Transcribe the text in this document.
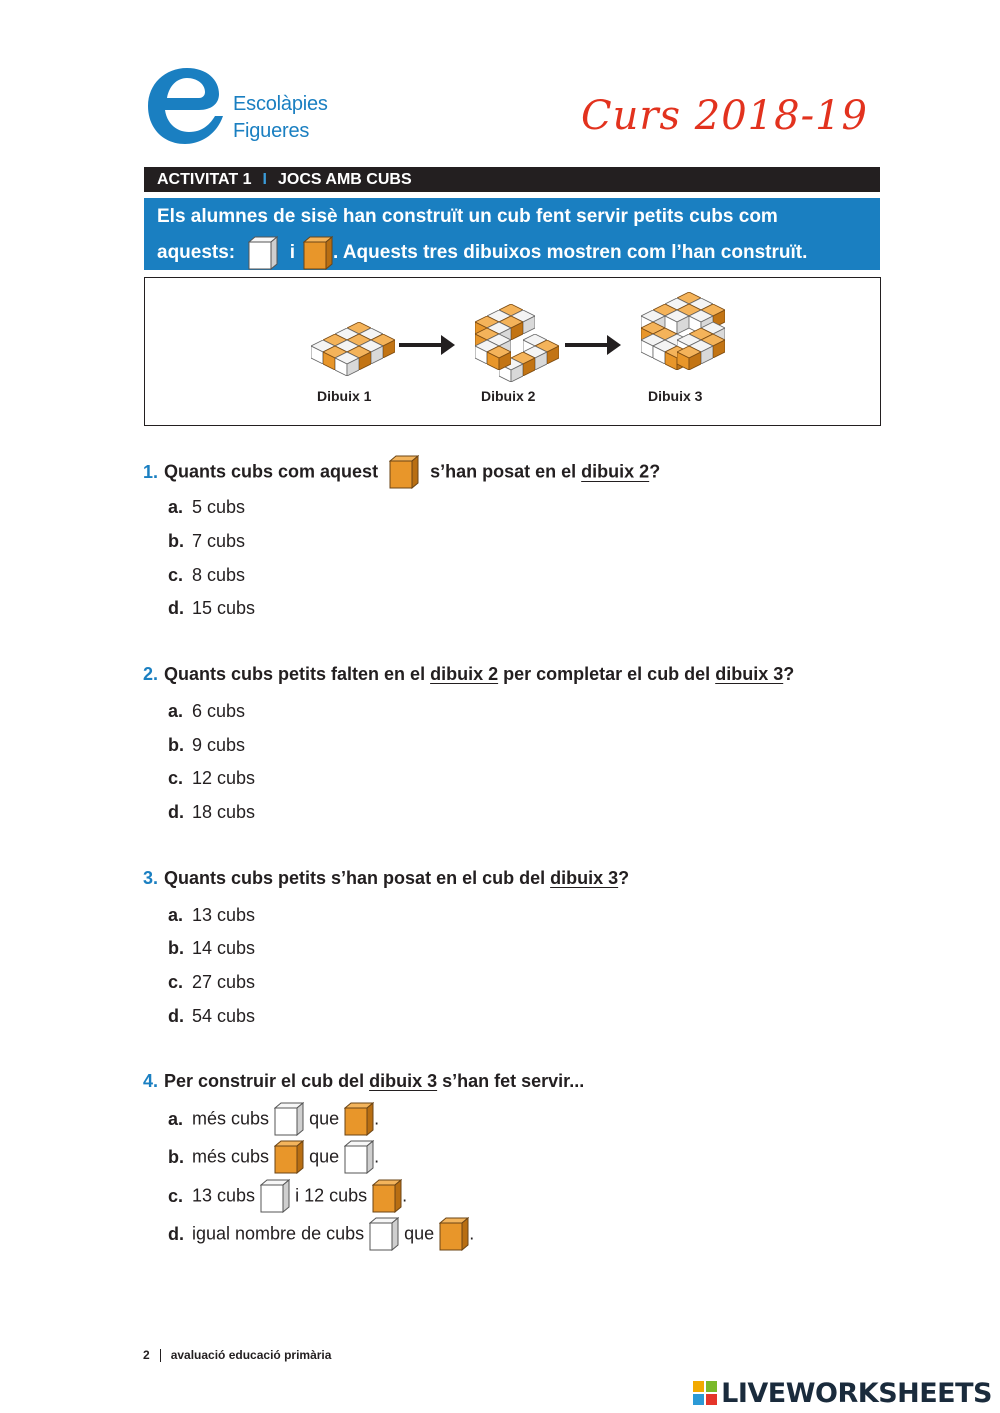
Escolàpies
Figueres	Curs 2018-19
ACTIVITAT 1 I JOCS AMB CUBS
Els alumnes de sisè han construït un cub fent servir petits cubs com
aquests:	i . Aquests tres dibuixos mostren com l’han construït.
Dibuix 1	Dibuix 2	Dibuix 3
1. Quants cubs com aquest	s’han posat en el dibuix 2?
a. 5 cubs
b. 7 cubs
c. 8 cubs
d. 15 cubs
2. Quants cubs petits falten en el dibuix 2 per completar el cub del dibuix 3?
a. 6 cubs
b. 9 cubs
c. 12 cubs
d. 18 cubs
3. Quants cubs petits s’han posat en el cub del dibuix 3?
a. 13 cubs
b. 14 cubs
c. 27 cubs
d. 54 cubs
4. Per construir el cub del dibuix 3 s’han fet servir...
a. més cubs que .
b. més cubs que .
c. 13 cubs i 12 cubs .
d. igual nombre de cubs que .
2 avaluació educació primària
LIVEWORKSHEETS
